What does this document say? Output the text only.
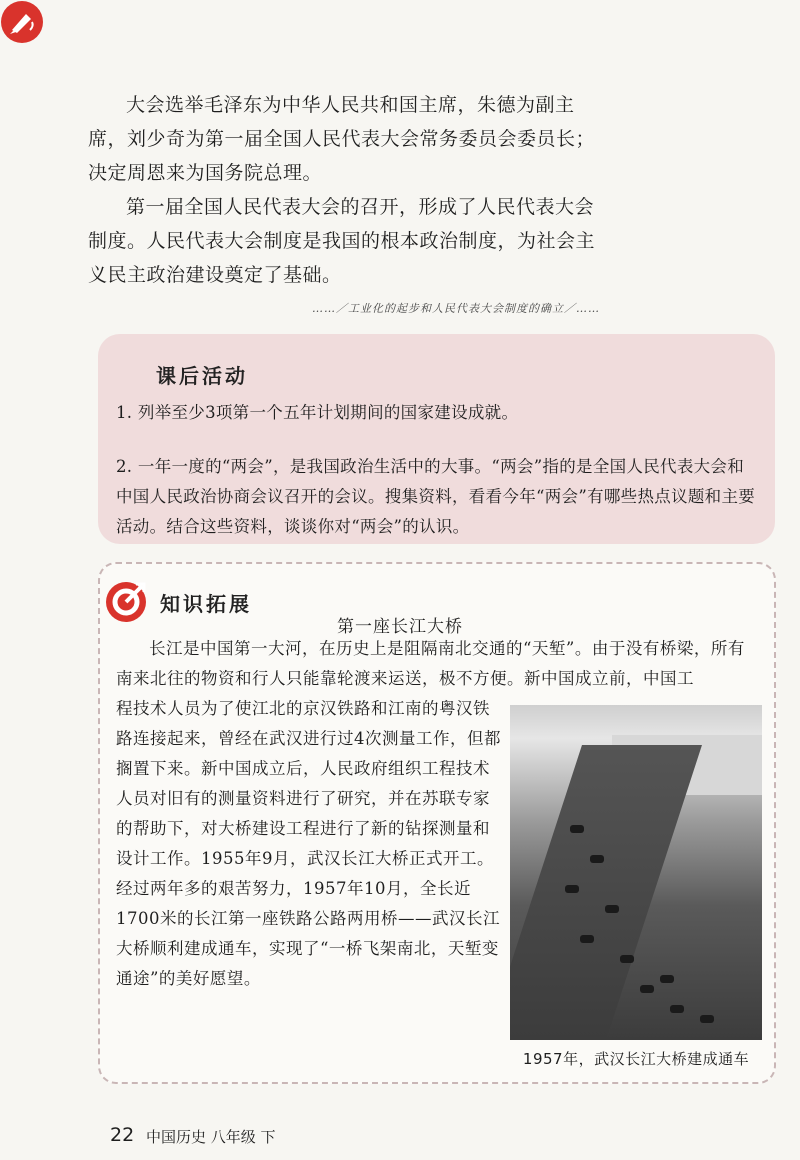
大会选举毛泽东为中华人民共和国主席，朱德为副主席，刘少奇为第一届全国人民代表大会常务委员会委员长；决定周恩来为国务院总理。

第一届全国人民代表大会的召开，形成了人民代表大会制度。人民代表大会制度是我国的根本政治制度，为社会主义民主政治建设奠定了基础。

……／工业化的起步和人民代表大会制度的确立／……
课后活动

1. 列举至少3项第一个五年计划期间的国家建设成就。

2. 一年一度的“两会”，是我国政治生活中的大事。“两会”指的是全国人民代表大会和中国人民政治协商会议召开的会议。搜集资料，看看今年“两会”有哪些热点议题和主要活动。结合这些资料，谈谈你对“两会”的认识。

知识拓展
第一座长江大桥

长江是中国第一大河，在历史上是阻隔南北交通的“天堑”。由于没有桥梁，所有南来北往的物资和行人只能靠轮渡来运送，极不方便。新中国成立前，中国工

程技术人员为了使江北的京汉铁路和江南的粤汉铁路连接起来，曾经在武汉进行过4次测量工作，但都搁置下来。新中国成立后，人民政府组织工程技术人员对旧有的测量资料进行了研究，并在苏联专家的帮助下，对大桥建设工程进行了新的钻探测量和设计工作。1955年9月，武汉长江大桥正式开工。经过两年多的艰苦努力，1957年10月，全长近1700米的长江第一座铁路公路两用桥——武汉长江大桥顺利建成通车，实现了“一桥飞架南北，天堑变通途”的美好愿望。

1957年，武汉长江大桥建成通车
22 中国历史 八年级 下
